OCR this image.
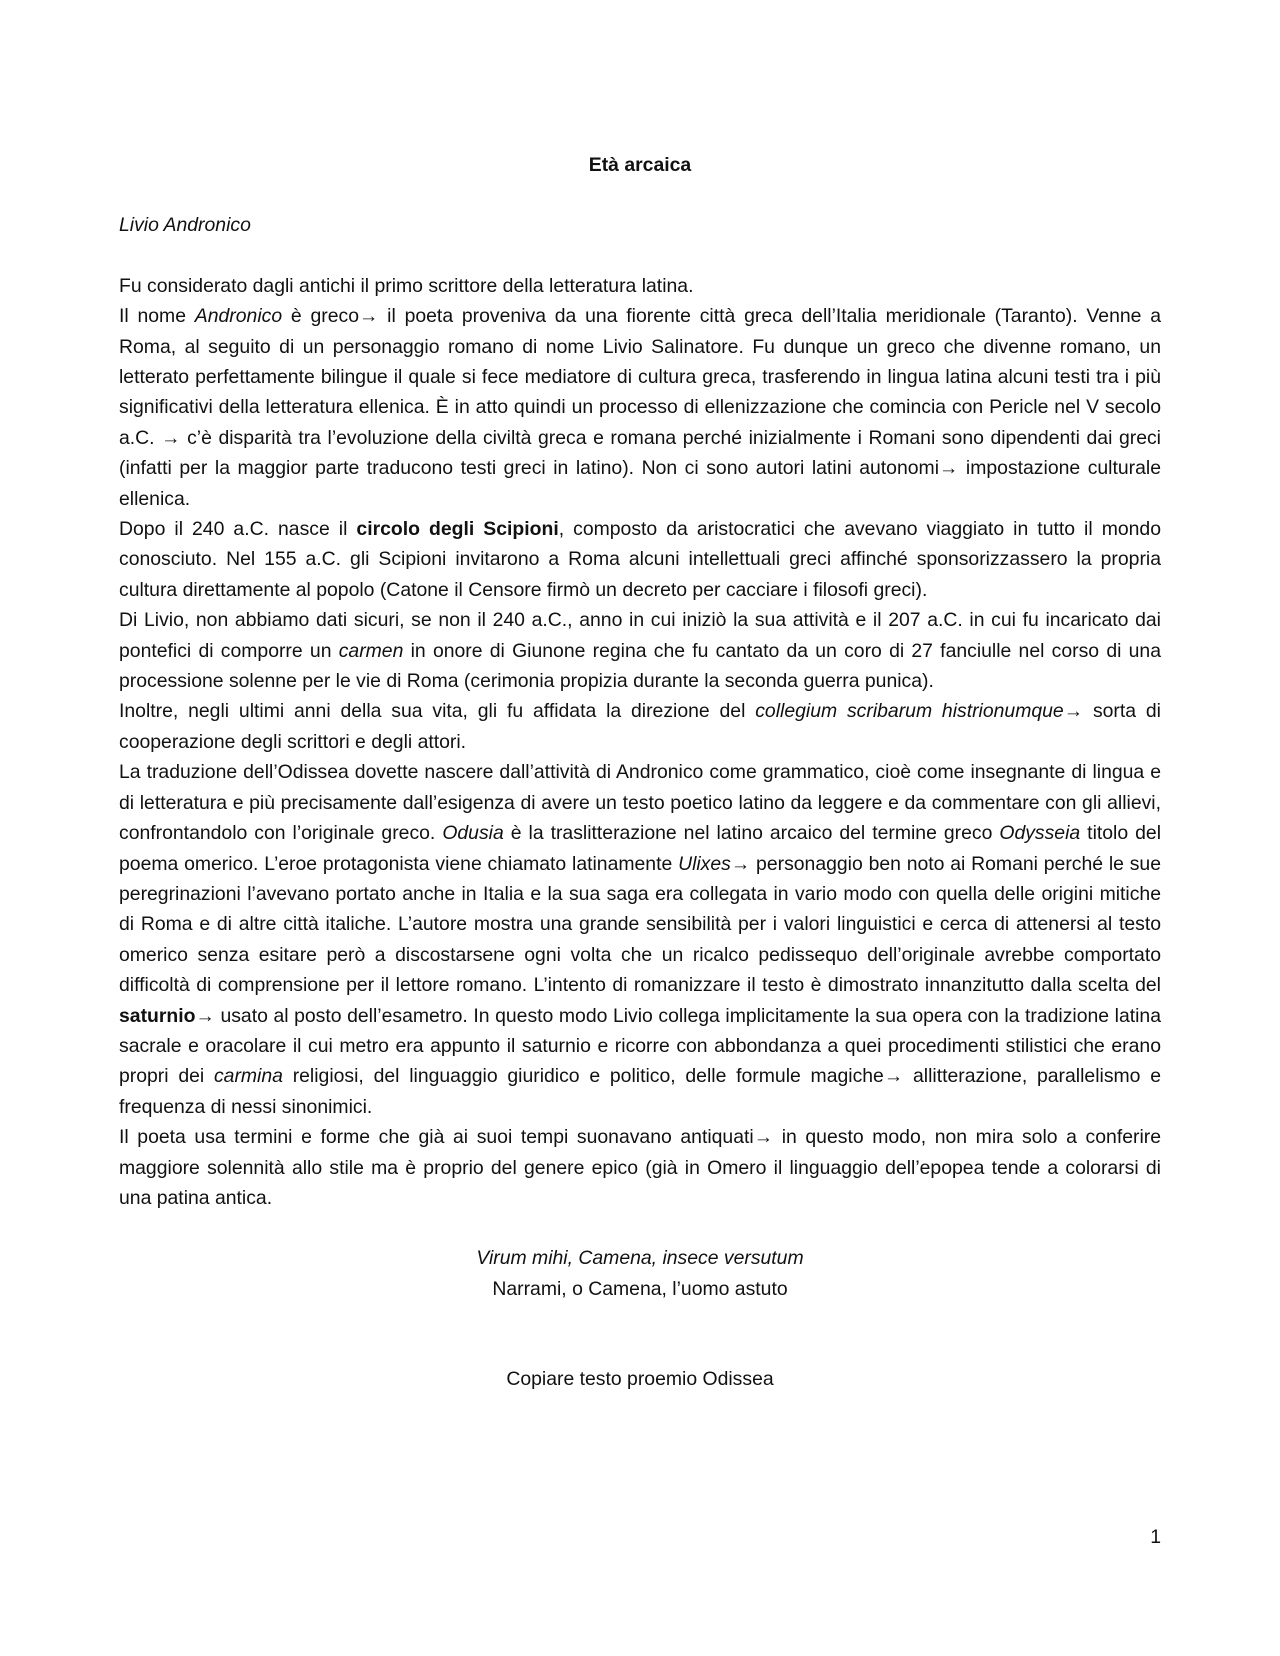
Età arcaica
Livio Andronico

Fu considerato dagli antichi il primo scrittore della letteratura latina.

Il nome Andronico è greco→ il poeta proveniva da una fiorente città greca dell’Italia meridionale (Taranto). Venne a Roma, al seguito di un personaggio romano di nome Livio Salinatore. Fu dunque un greco che divenne romano, un letterato perfettamente bilingue il quale si fece mediatore di cultura greca, trasferendo in lingua latina alcuni testi tra i più significativi della letteratura ellenica. È in atto quindi un processo di ellenizzazione che comincia con Pericle nel V secolo a.C. → c’è disparità tra l’evoluzione della civiltà greca e romana perché inizialmente i Romani sono dipendenti dai greci (infatti per la maggior parte traducono testi greci in latino). Non ci sono autori latini autonomi→ impostazione culturale ellenica.

Dopo il 240 a.C. nasce il circolo degli Scipioni, composto da aristocratici che avevano viaggiato in tutto il mondo conosciuto. Nel 155 a.C. gli Scipioni invitarono a Roma alcuni intellettuali greci affinché sponsorizzassero la propria cultura direttamente al popolo (Catone il Censore firmò un decreto per cacciare i filosofi greci).

Di Livio, non abbiamo dati sicuri, se non il 240 a.C., anno in cui iniziò la sua attività e il 207 a.C. in cui fu incaricato dai pontefici di comporre un carmen in onore di Giunone regina che fu cantato da un coro di 27 fanciulle nel corso di una processione solenne per le vie di Roma (cerimonia propizia durante la seconda guerra punica).

Inoltre, negli ultimi anni della sua vita, gli fu affidata la direzione del collegium scribarum histrionumque→ sorta di cooperazione degli scrittori e degli attori.

La traduzione dell’Odissea dovette nascere dall’attività di Andronico come grammatico, cioè come insegnante di lingua e di letteratura e più precisamente dall’esigenza di avere un testo poetico latino da leggere e da commentare con gli allievi, confrontandolo con l’originale greco. Odusia è la traslitterazione nel latino arcaico del termine greco Odysseia titolo del poema omerico. L’eroe protagonista viene chiamato latinamente Ulixes→ personaggio ben noto ai Romani perché le sue peregrinazioni l’avevano portato anche in Italia e la sua saga era collegata in vario modo con quella delle origini mitiche di Roma e di altre città italiche. L’autore mostra una grande sensibilità per i valori linguistici e cerca di attenersi al testo omerico senza esitare però a discostarsene ogni volta che un ricalco pedissequo dell’originale avrebbe comportato difficoltà di comprensione per il lettore romano. L’intento di romanizzare il testo è dimostrato innanzitutto dalla scelta del saturnio→ usato al posto dell’esametro. In questo modo Livio collega implicitamente la sua opera con la tradizione latina sacrale e oracolare il cui metro era appunto il saturnio e ricorre con abbondanza a quei procedimenti stilistici che erano propri dei carmina religiosi, del linguaggio giuridico e politico, delle formule magiche→ allitterazione, parallelismo e frequenza di nessi sinonimici.

Il poeta usa termini e forme che già ai suoi tempi suonavano antiquati→ in questo modo, non mira solo a conferire maggiore solennità allo stile ma è proprio del genere epico (già in Omero il linguaggio dell’epopea tende a colorarsi di una patina antica.

Virum mihi, Camena, insece versutum
Narrami, o Camena, l’uomo astuto
Copiare testo proemio Odissea
1
